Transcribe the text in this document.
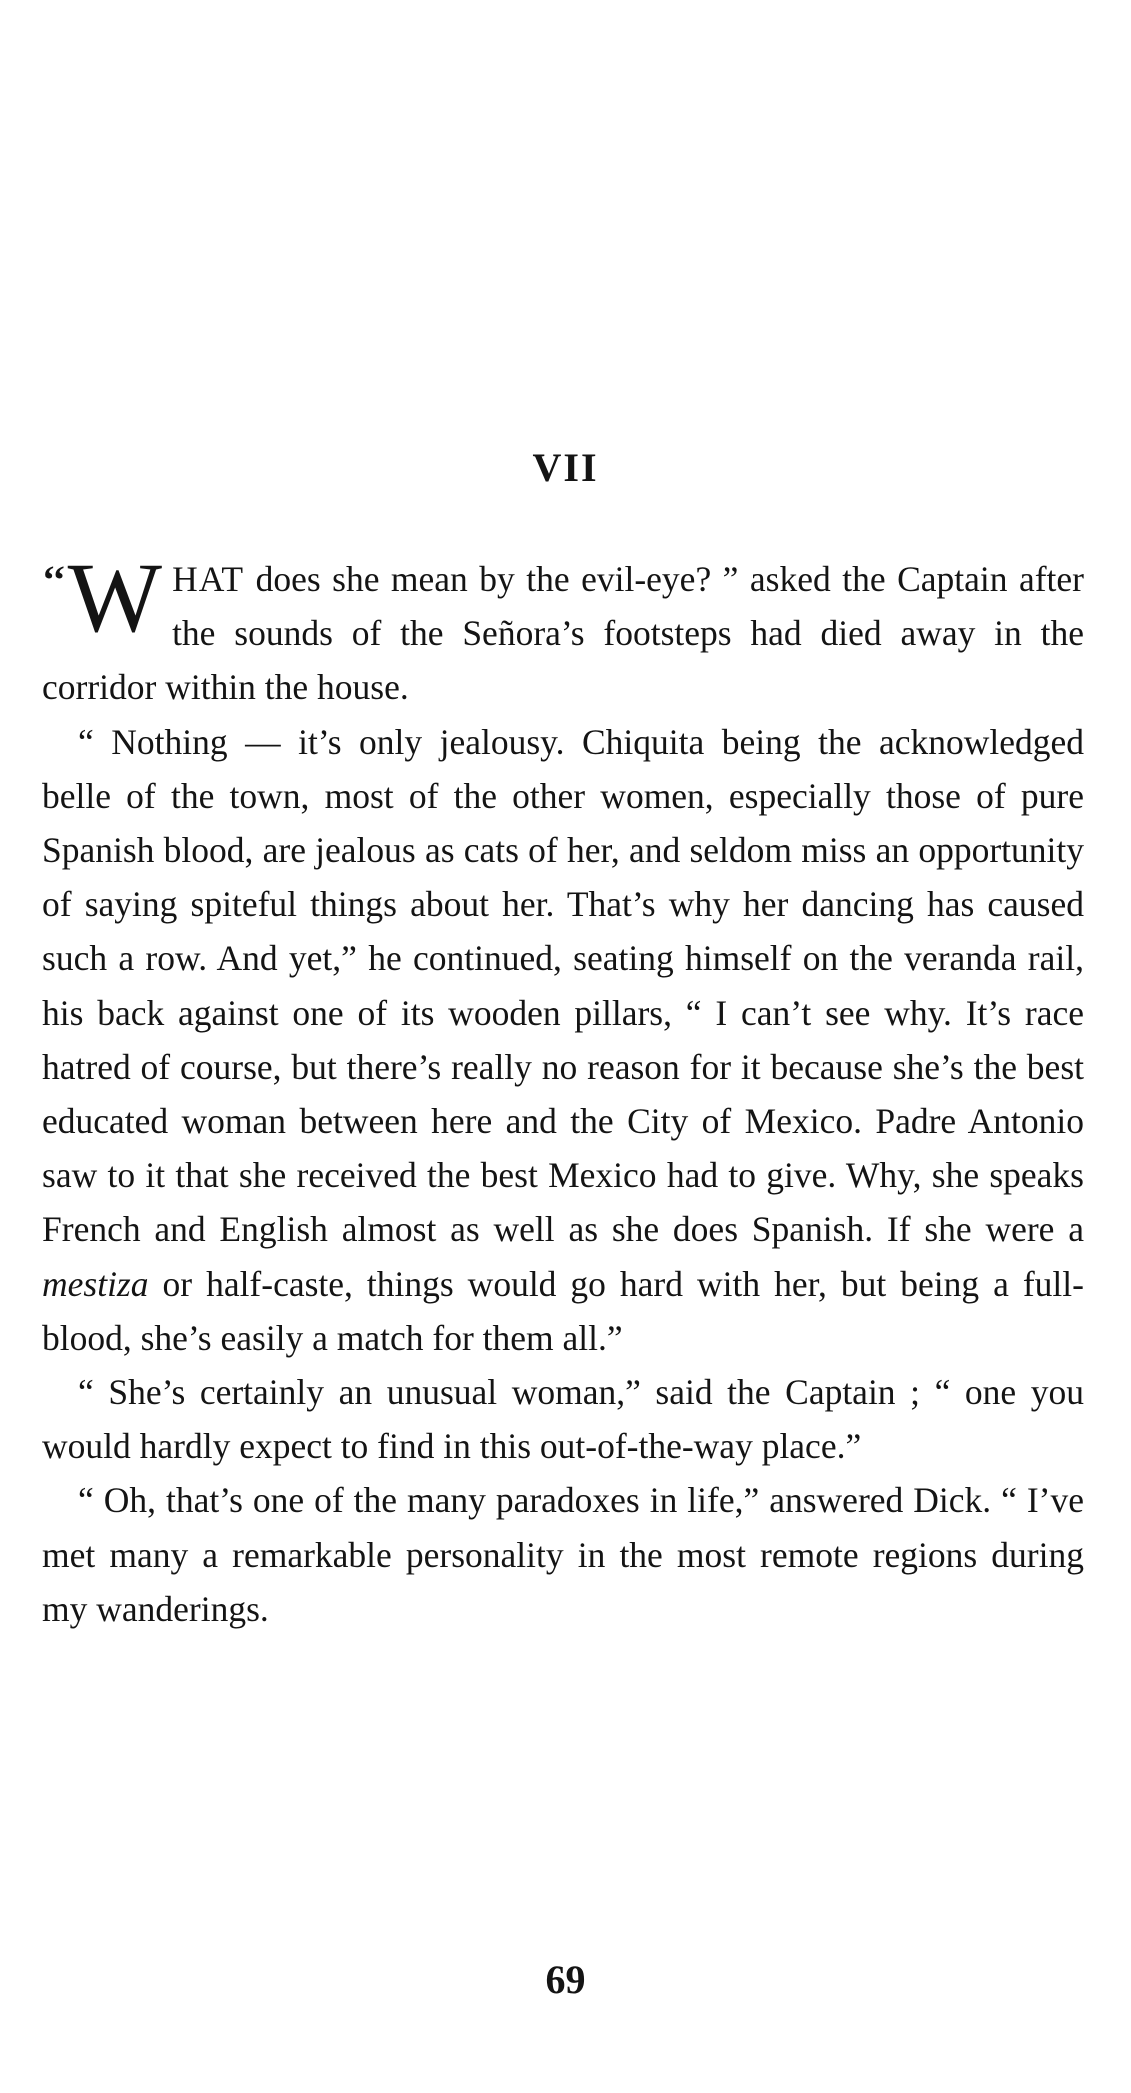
VII

‘‘ W HAT does she mean by the evil-eye? ” asked the Captain after the sounds of the Señora’s footsteps had died away in the corridor within the house.

“ Nothing — it’s only jealousy. Chiquita being the acknowledged belle of the town, most of the other women, especially those of pure Spanish blood, are jealous as cats of her, and seldom miss an opportunity of saying spiteful things about her. That’s why her dancing has caused such a row. And yet,” he continued, seating himself on the veranda rail, his back against one of its wooden pillars, “ I can’t see why. It’s race hatred of course, but there’s really no reason for it because she’s the best educated woman between here and the City of Mexico. Padre Antonio saw to it that she received the best Mexico had to give. Why, she speaks French and English almost as well as she does Spanish. If she were a mestiza or half-caste, things would go hard with her, but being a full-blood, she’s easily a match for them all.”

“ She’s certainly an unusual woman,” said the Captain ; “ one you would hardly expect to find in this out-of-the-way place.”

“ Oh, that’s one of the many paradoxes in life,” answered Dick. “ I’ve met many a remarkable personality in the most remote regions during my wanderings.

69
